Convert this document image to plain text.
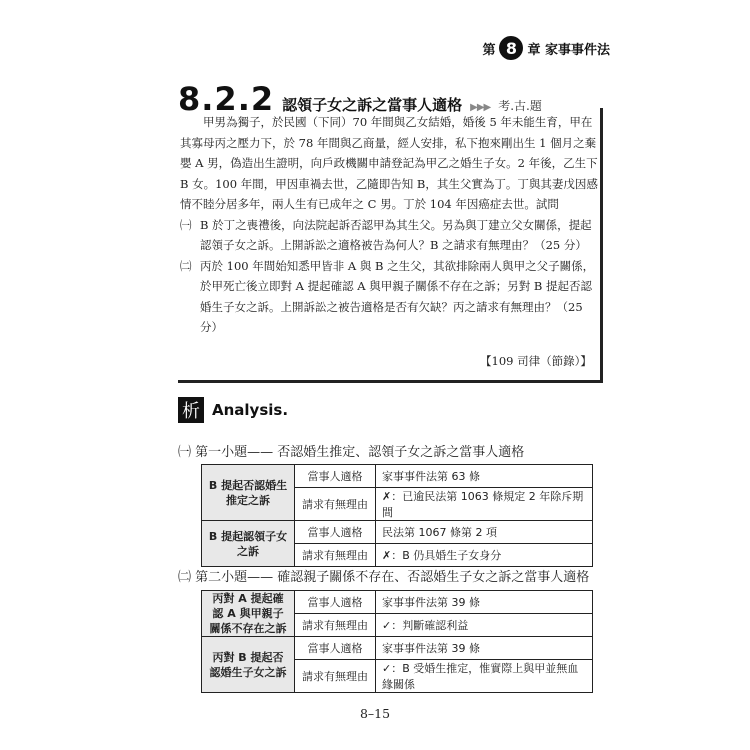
第 8 章 家事事件法
8.2.2 認領子女之訴之當事人適格 ▶▶▶ 考.古.題

甲男為獨子，於民國（下同）70 年間與乙女結婚，婚後 5 年未能生育，甲在其寡母丙之壓力下，於 78 年間與乙商量，經人安排，私下抱來剛出生 1 個月之棄嬰 A 男，偽造出生證明，向戶政機關申請登記為甲乙之婚生子女。2 年後，乙生下 B 女。100 年間，甲因車禍去世，乙隨即告知 B，其生父實為丁。丁與其妻戊因感情不睦分居多年，兩人生有已成年之 C 男。丁於 104 年因癌症去世。試問

㈠ B 於丁之喪禮後，向法院起訴否認甲為其生父。另為與丁建立父女關係，提起認領子女之訴。上開訴訟之適格被告為何人？B 之請求有無理由？（25 分）
㈡ 丙於 100 年間始知悉甲皆非 A 與 B 之生父，其欲排除兩人與甲之父子關係，於甲死亡後立即對 A 提起確認 A 與甲親子關係不存在之訴；另對 B 提起否認婚生子女之訴。上開訴訟之被告適格是否有欠缺？丙之請求有無理由？（25 分）
【109 司律（節錄）】
析 Analysis.
㈠ 第一小題—— 否認婚生推定、認領子女之訴之當事人適格
B 提起否認婚生推定之訴	當事人適格	家事事件法第 63 條
	請求有無理由	✗：已逾民法第 1063 條規定 2 年除斥期間
B 提起認領子女之訴	當事人適格	民法第 1067 條第 2 項
	請求有無理由	✗：B 仍具婚生子女身分
㈡ 第二小題—— 確認親子關係不存在、否認婚生子女之訴之當事人適格
丙對 A 提起確認 A 與甲親子關係不存在之訴	當事人適格	家事事件法第 39 條
	請求有無理由	✓：判斷確認利益
丙對 B 提起否認婚生子女之訴	當事人適格	家事事件法第 39 條
	請求有無理由	✓：B 受婚生推定，惟實際上與甲並無血緣關係
8–15
